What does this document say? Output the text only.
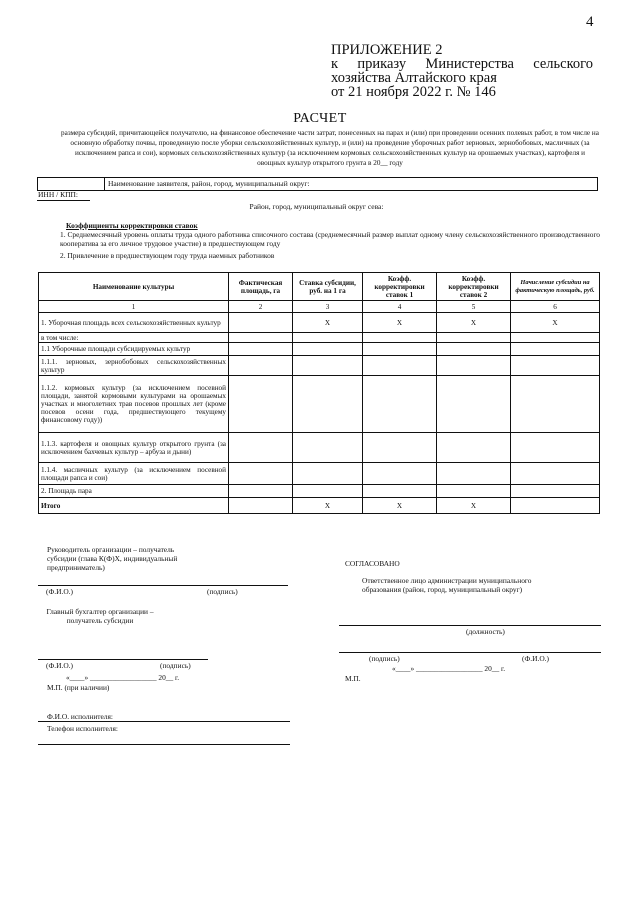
4
ПРИЛОЖЕНИЕ 2
к приказу Министерства сельского
хозяйства Алтайского края
от 21 ноября 2022 г. № 146
РАСЧЕТ
размера субсидий, причитающейся получателю, на финансовое обеспечение части затрат, понесенных на парах и (или) при проведении осенних полевых работ, в том числе на основную обработку почвы, проведенную после уборки сельскохозяйственных культур, и (или) на проведение уборочных работ зерновых, зернобобовых, масличных (за исключением рапса и сои), кормовых сельскохозяйственных культур (за исключением кормовых сельскохозяйственных культур на орошаемых участках), картофеля и овощных культур открытого грунта в 20__ году
Наименование заявителя, район, город, муниципальный округ:
ИНН / КПП:
Район, город, муниципальный округ сева:
Коэффициенты корректировки ставок
1. Среднемесячный уровень оплаты труда одного работника списочного состава (среднемесячный размер выплат одному члену сельскохозяйственного производственного кооператива за его личное трудовое участие) в предшествующем году
2. Привлечение в предшествующем году труда наемных работников
Наименование культуры	Фактическая площадь, га	Ставка субсидии, руб. на 1 га	Коэфф. корректировки ставок 1	Коэфф. корректировки ставок 2	Начисление субсидии на фактическую площадь, руб.
1	2	3	4	5	6
1. Уборочная площадь всех сельскохозяйственных культур		X	X	X	X
в том числе:					
1.1 Уборочные площади субсидируемых культур					
1.1.1. зерновых, зернобобовых сельскохозяйственных культур					
1.1.2. кормовых культур (за исключением посевной площади, занятой кормовыми культурами на орошаемых участках и многолетних трав посевов прошлых лет (кроме посевов осени года, предшествующего текущему финансовому году))					
1.1.3. картофеля и овощных культур открытого грунта (за исключением бахчевых культур – арбуза и дыни)					
1.1.4. масличных культур (за исключением посевной площади рапса и сои)					
2. Площадь пара					
Итого		X	X	X	
Руководитель организации – получатель субсидии (глава К(Ф)Х, индивидуальный предприниматель)
(Ф.И.О.)	(подпись)
Главный бухгалтер организации – получатель субсидии
(Ф.И.О.)	(подпись)
«____» __________________ 20__ г.
М.П. (при наличии)
Ф.И.О. исполнителя:
Телефон исполнителя:
СОГЛАСОВАНО
Ответственное лицо администрации муниципального образования (район, город, муниципальный округ)
(должность)
(подпись)	(Ф.И.О.)
«____» __________________ 20__ г.
М.П.
